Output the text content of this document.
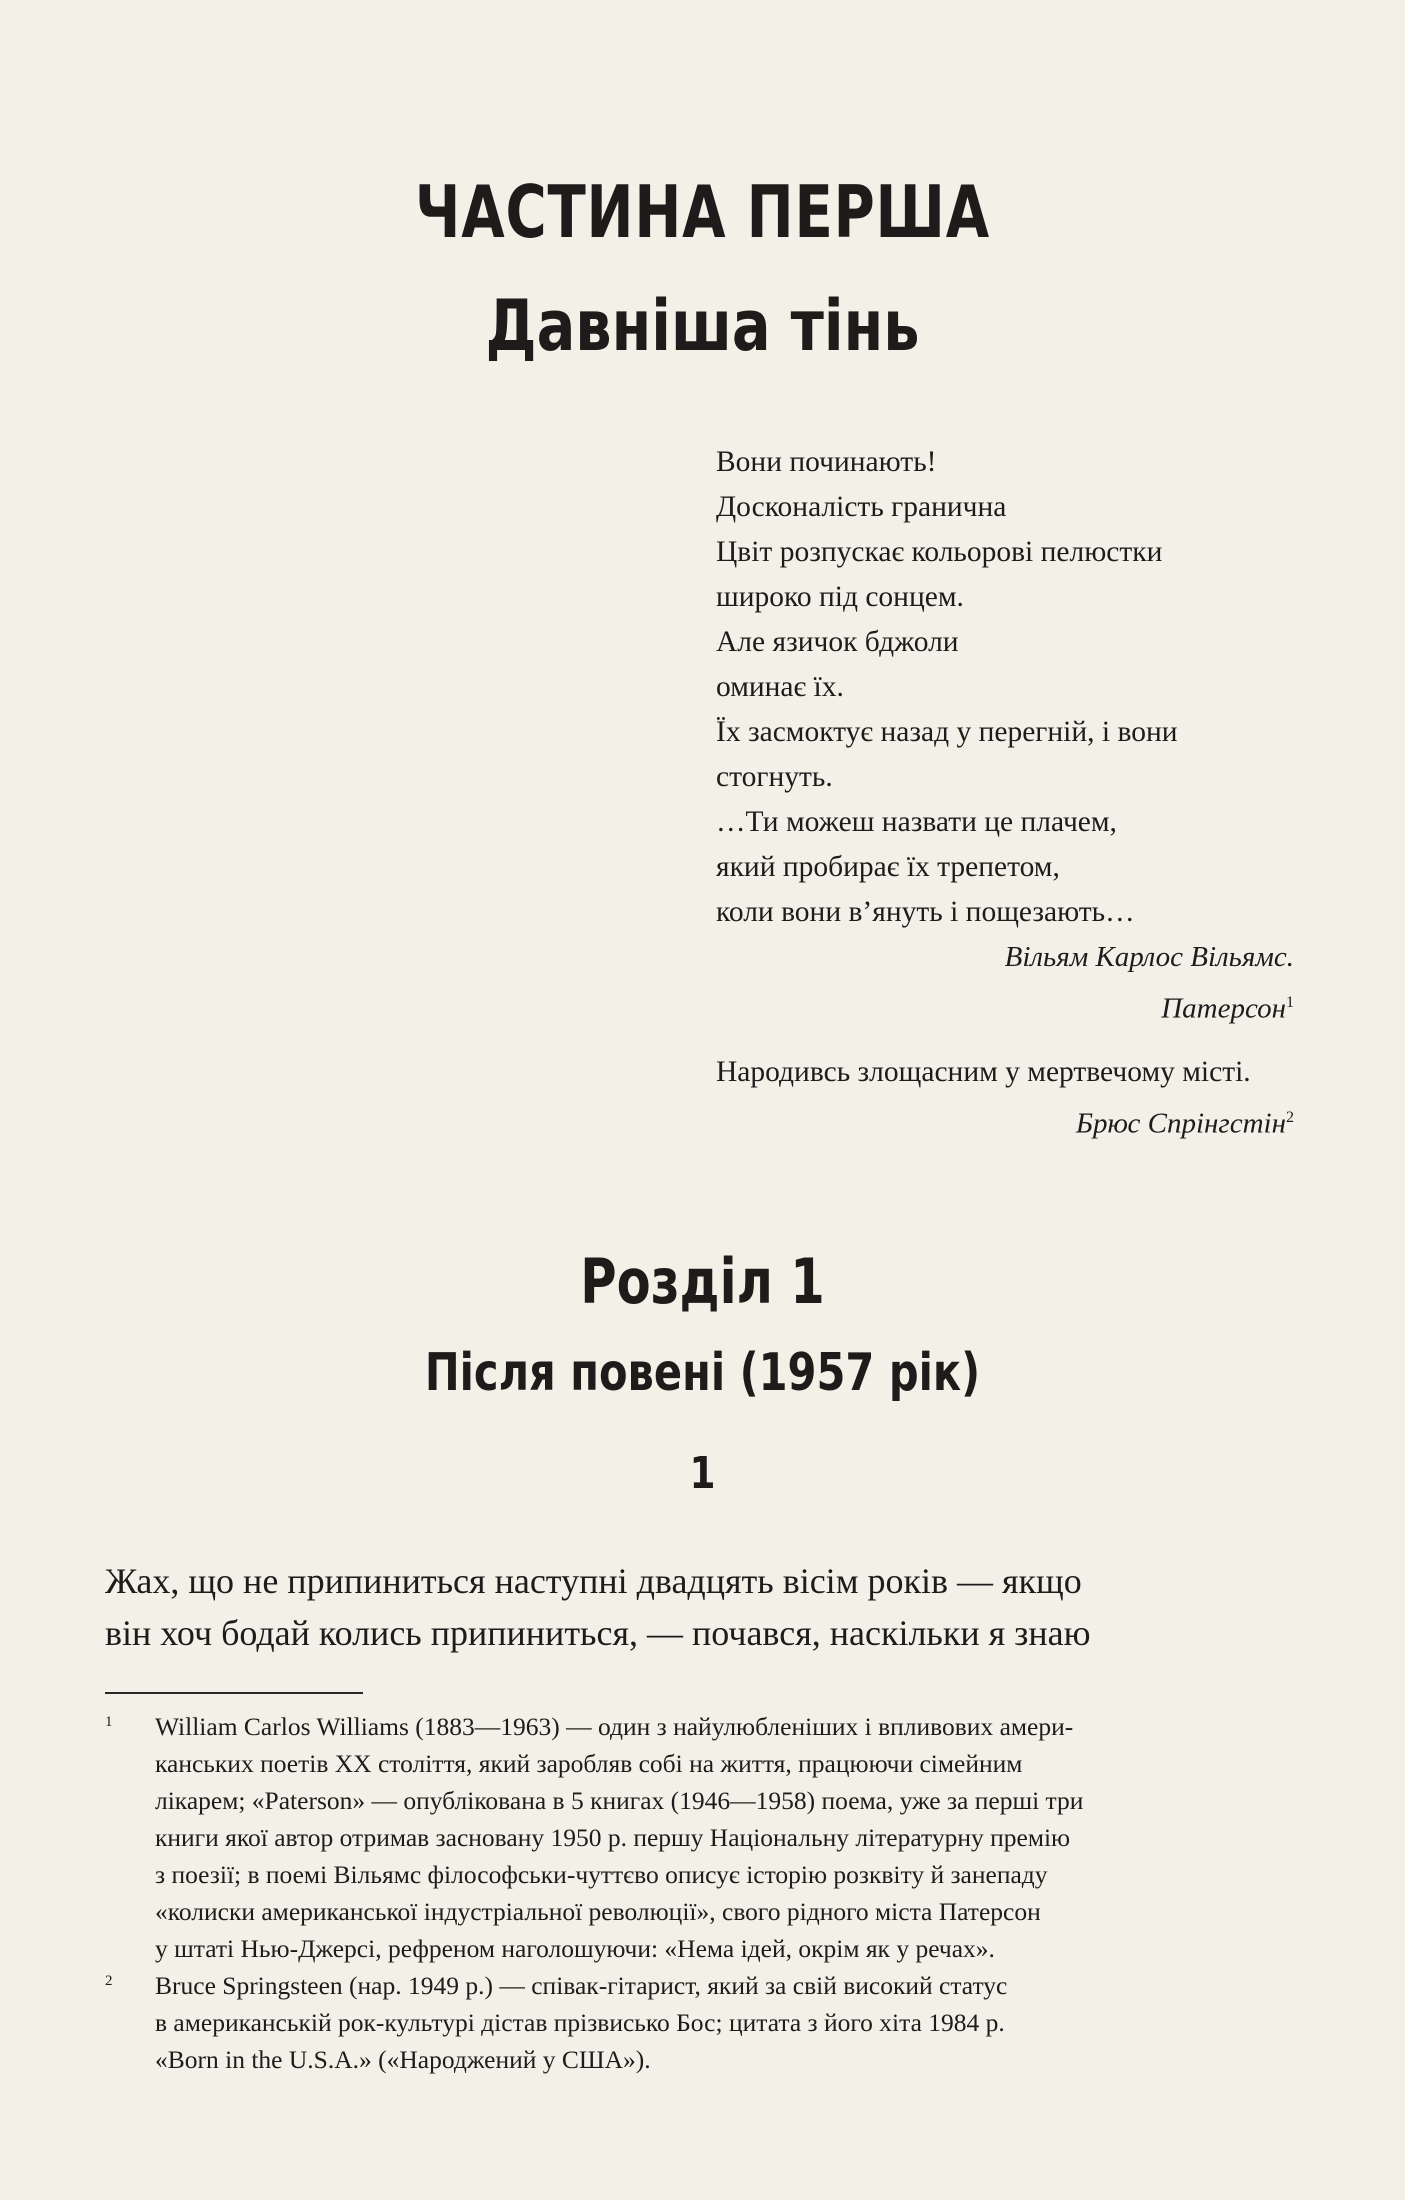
ЧАСТИНА ПЕРША
Давніша тінь
Вони починають!
Досконалість гранична
Цвіт розпускає кольорові пелюстки
широко під сонцем.
Але язичок бджоли
оминає їх.
Їх засмоктує назад у перегній, і вони
стогнуть.
…Ти можеш назвати це плачем,
який пробирає їх трепетом,
коли вони в’януть і пощезають…
Вільям Карлос Вільямс.
Патерсон$^1$
Народивсь злощасним у мертвечому місті.
Брюс Спрінгстін$^2$
Розділ 1
Після повені (1957 рік)
1
Жах, що не припиниться наступні двадцять вісім років — якщо
він хоч бодай колись припиниться, — почався, наскільки я знаю
1 William Carlos Williams (1883—1963) — один з найулюбленіших і впливових амери-
канських поетів XX століття, який заробляв собі на життя, працюючи сімейним
лікарем; «Paterson» — опублікована в 5 книгах (1946—1958) поема, уже за перші три
книги якої автор отримав засновану 1950 р. першу Національну літературну премію
з поезії; в поемі Вільямс філософськи-чуттєво описує історію розквіту й занепаду
«колиски американської індустріальної революції», свого рідного міста Патерсон
у штаті Нью-Джерсі, рефреном наголошуючи: «Нема ідей, окрім як у речах».
2 Bruce Springsteen (нар. 1949 р.) — співак-гітарист, який за свій високий статус
в американській рок-культурі дістав прізвисько Бос; цитата з його хіта 1984 р.
«Born in the U.S.A.» («Народжений у США»).
